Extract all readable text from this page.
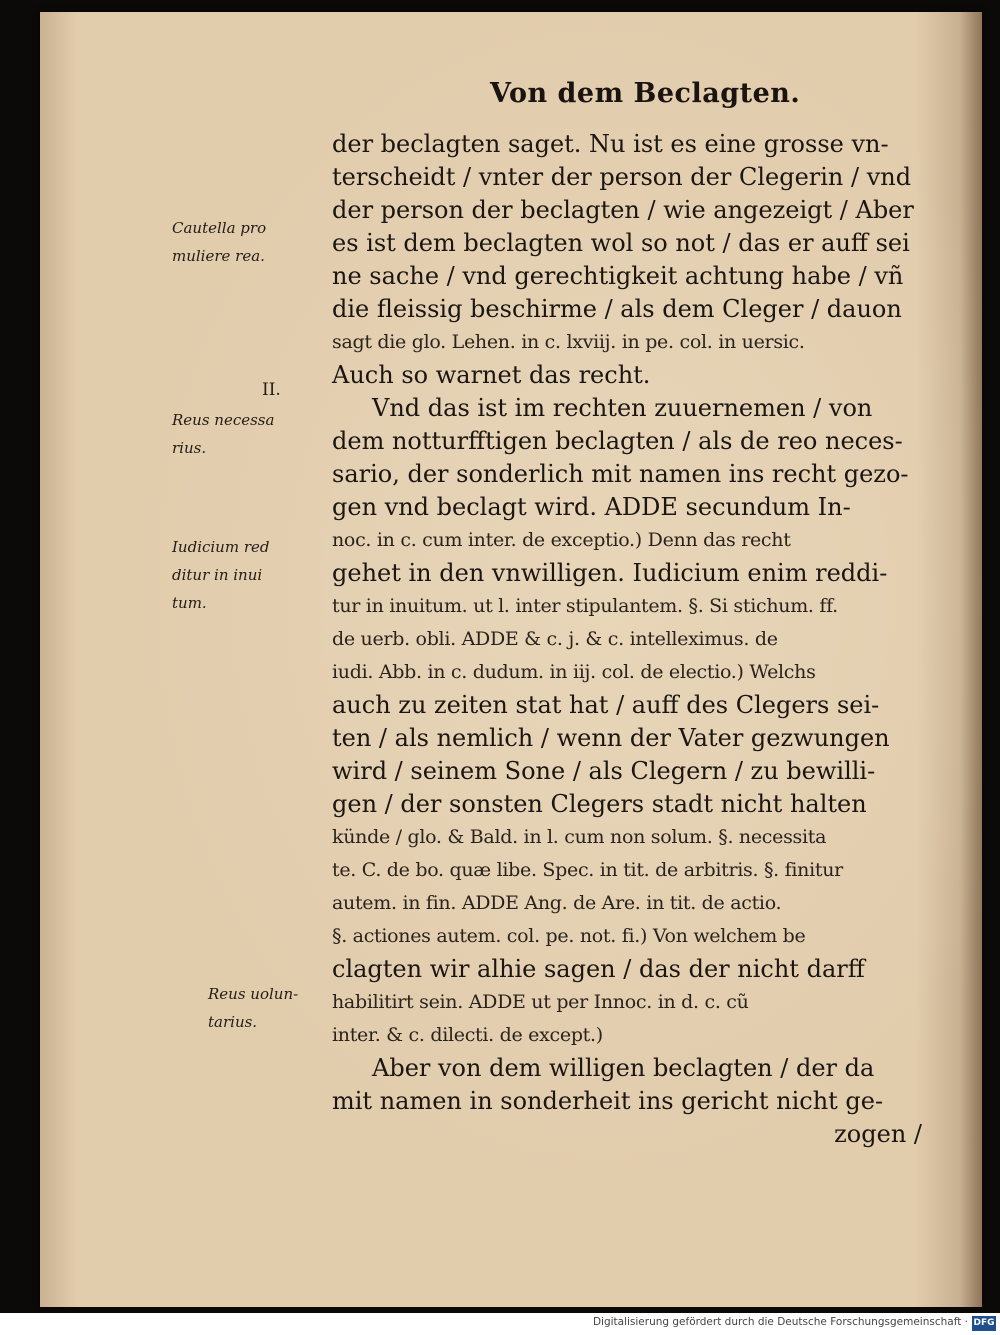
Von dem Beclagten.
der beclagten saget. Nu ist es eine grosse vn-
terscheidt / vnter der person der Clegerin / vnd
der person der beclagten / wie angezeigt / Aber
es ist dem beclagten wol so not / das er auff sei
ne sache / vnd gerechtigkeit achtung habe / vñ
die fleissig beschirme / als dem Cleger / dauon
sagt die glo. Lehen. in c. lxviij. in pe. col. in uersic.
Auch so warnet das recht.
Vnd das ist im rechten zuuernemen / von
dem notturfftigen beclagten / als de reo neces-
sario, der sonderlich mit namen ins recht gezo-
gen vnd beclagt wird. ADDE secundum In-
noc. in c. cum inter. de exceptio.) Denn das recht
gehet in den vnwilligen. Iudicium enim reddi-
tur in inuitum. ut l. inter stipulantem. §. Si stichum. ff.
de uerb. obli. ADDE & c. j. & c. intelleximus. de
iudi. Abb. in c. dudum. in iij. col. de electio.) Welchs
auch zu zeiten stat hat / auff des Clegers sei-
ten / als nemlich / wenn der Vater gezwungen
wird / seinem Sone / als Clegern / zu bewilli-
gen / der sonsten Clegers stadt nicht halten
künde / glo. & Bald. in l. cum non solum. §. necessita
te. C. de bo. quæ libe. Spec. in tit. de arbitris. §. finitur
autem. in fin. ADDE Ang. de Are. in tit. de actio.
§. actiones autem. col. pe. not. fi.) Von welchem be
clagten wir alhie sagen / das der nicht darff
habilitirt sein. ADDE ut per Innoc. in d. c. cũ
inter. & c. dilecti. de except.)
Aber von dem willigen beclagten / der da
mit namen in sonderheit ins gericht nicht ge-
zogen /
Cautella pro
muliere rea.
II.
Reus necessa
rius.
Iudicium red
ditur in inui
tum.
Reus uolun-
tarius.
Digitalisierung gefördert durch die Deutsche Forschungsgemeinschaft · DFG
